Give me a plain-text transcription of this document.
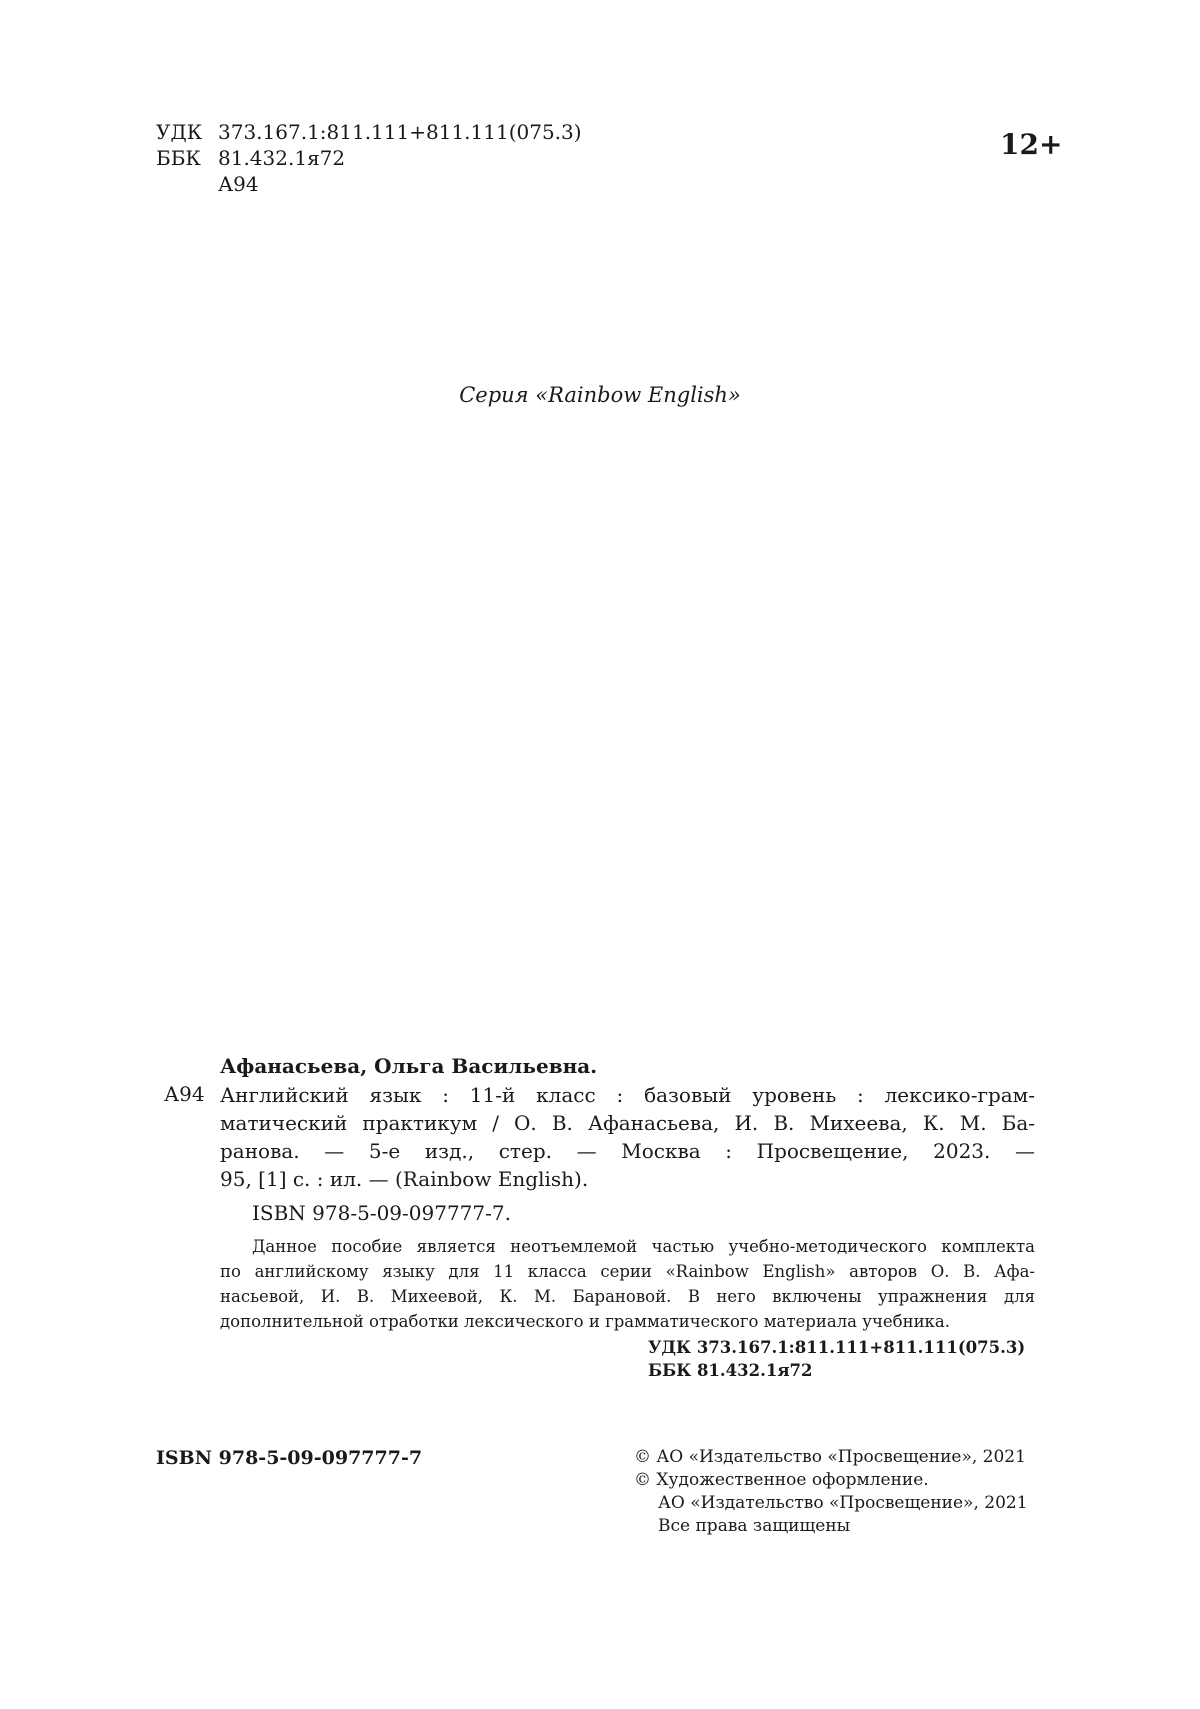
УДК 373.167.1:811.111+811.111(075.3)
ББК 81.432.1я72
А94
12+
Серия «Rainbow English»
Афанасьева, Ольга Васильевна.
А94 Английский язык : 11-й класс : базовый уровень : лексико-грам-
матический практикум / О. В. Афанасьева, И. В. Михеева, К. М. Ба-
ранова. — 5-е изд., стер. — Москва : Просвещение, 2023. —
95, [1] с. : ил. — (Rainbow English).
ISBN 978-5-09-097777-7.
Данное пособие является неотъемлемой частью учебно-методического комплекта
по английскому языку для 11 класса серии «Rainbow English» авторов О. В. Афа-
насьевой, И. В. Михеевой, К. М. Барановой. В него включены упражнения для
дополнительной отработки лексического и грамматического материала учебника.
УДК 373.167.1:811.111+811.111(075.3)
ББК 81.432.1я72
ISBN 978-5-09-097777-7	© АО «Издательство «Просвещение», 2021
© Художественное оформление.
АО «Издательство «Просвещение», 2021
Все права защищены
